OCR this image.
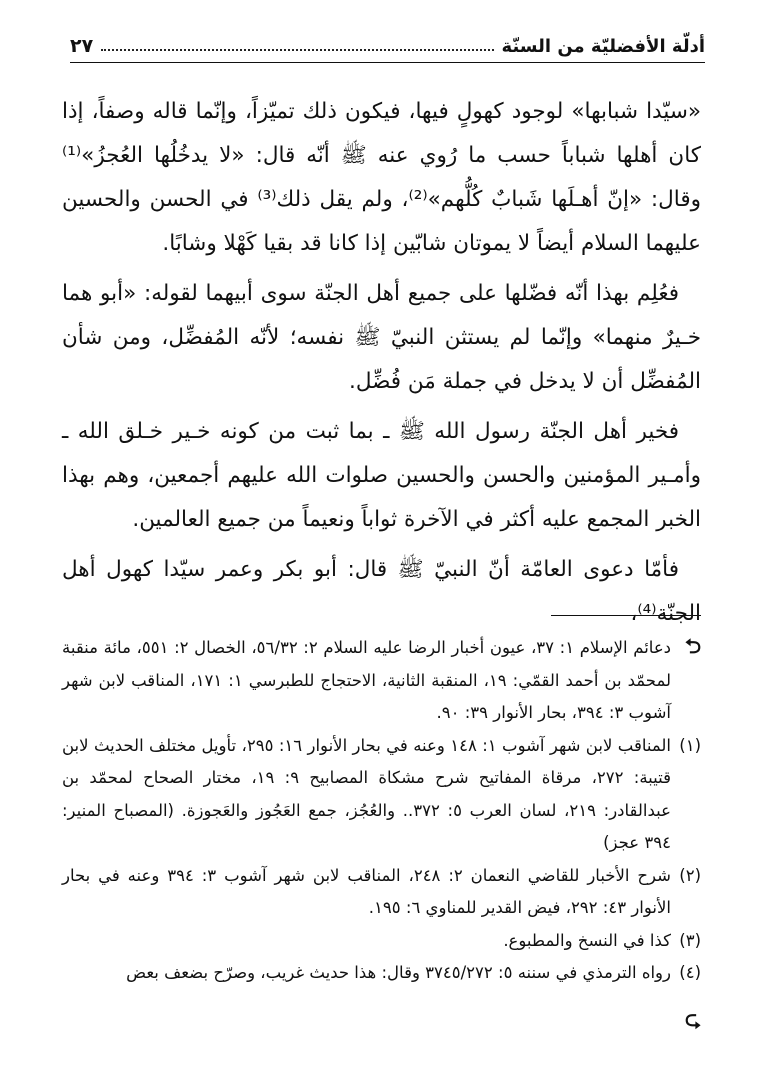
أدلّة الأفضليّة من السنّة
٢٧

«سيّدا شبابها» لوجود كهولٍ فيها، فيكون ذلك تميّزاً، وإنّما قاله وصفاً، إذا كان أهلها شباباً حسب ما رُوي عنه ﷺ أنّه قال: «لا يدخُلُها العُجزُ»⁽¹⁾ وقال: «إنّ أهـلَها شَبابٌ كُلُّهم»⁽²⁾، ولم يقل ذلك⁽³⁾ في الحسن والحسين عليهما السلام أيضاً لا يموتان شابّين إذا كانا قد بقيا كَهْلا وشابًا.

فعُلِم بهذا أنّه فضّلها على جميع أهل الجنّة سوى أبيهما لقوله: «أبو هما خـيرٌ منهما» وإنّما لم يستثن النبيّ ﷺ نفسه؛ لأنّه المُفضِّل، ومن شأن المُفضِّل أن لا يدخل في جملة مَن فُضِّل.

فخير أهل الجنّة رسول الله ﷺ ـ بما ثبت من كونه خـير خـلق الله ـ وأمـير المؤمنين والحسن والحسين صلوات الله عليهم أجمعين، وهم بهذا الخبر المجمع عليه أكثر في الآخرة ثواباً ونعيماً من جميع العالمين.

فأمّا دعوى العامّة أنّ النبيّ ﷺ قال: أبو بكر وعمر سيّدا كهول أهل الجنّة⁽⁴⁾،

⮌
دعائم الإسلام ١: ٣٧، عيون أخبار الرضا عليه السلام ٢: ٥٦/٣٢، الخصال ٢: ٥٥١، مائة منقبة لمحمّد بن أحمد القمّي: ١٩، المنقبة الثانية، الاحتجاج للطبرسي ١: ١٧١، المناقب لابن شهر آشوب ٣: ٣٩٤، بحار الأنوار ٣٩: ٩٠.
(١)
المناقب لابن شهر آشوب ١: ١٤٨ وعنه في بحار الأنوار ١٦: ٢٩٥، تأويل مختلف الحديث لابن قتيبة: ٢٧٢، مرقاة المفاتيح شرح مشكاة المصابيح ٩: ١٩، مختار الصحاح لمحمّد بن عبدالقادر: ٢١٩، لسان العرب ٥: ٣٧٢.. والعُجُز، جمع العَجُوز والعَجوزة. (المصباح المنير: ٣٩٤ عجز)
(٢)
شرح الأخبار للقاضي النعمان ٢: ٢٤٨، المناقب لابن شهر آشوب ٣: ٣٩٤ وعنه في بحار الأنوار ٤٣: ٢٩٢، فيض القدير للمناوي ٦: ١٩٥.
(٣)
كذا في النسخ والمطبوع.
(٤)
رواه الترمذي في سننه ٥: ٣٧٤٥/٢٧٢ وقال: هذا حديث غريب، وصرّح بضعف بعض
⮎
